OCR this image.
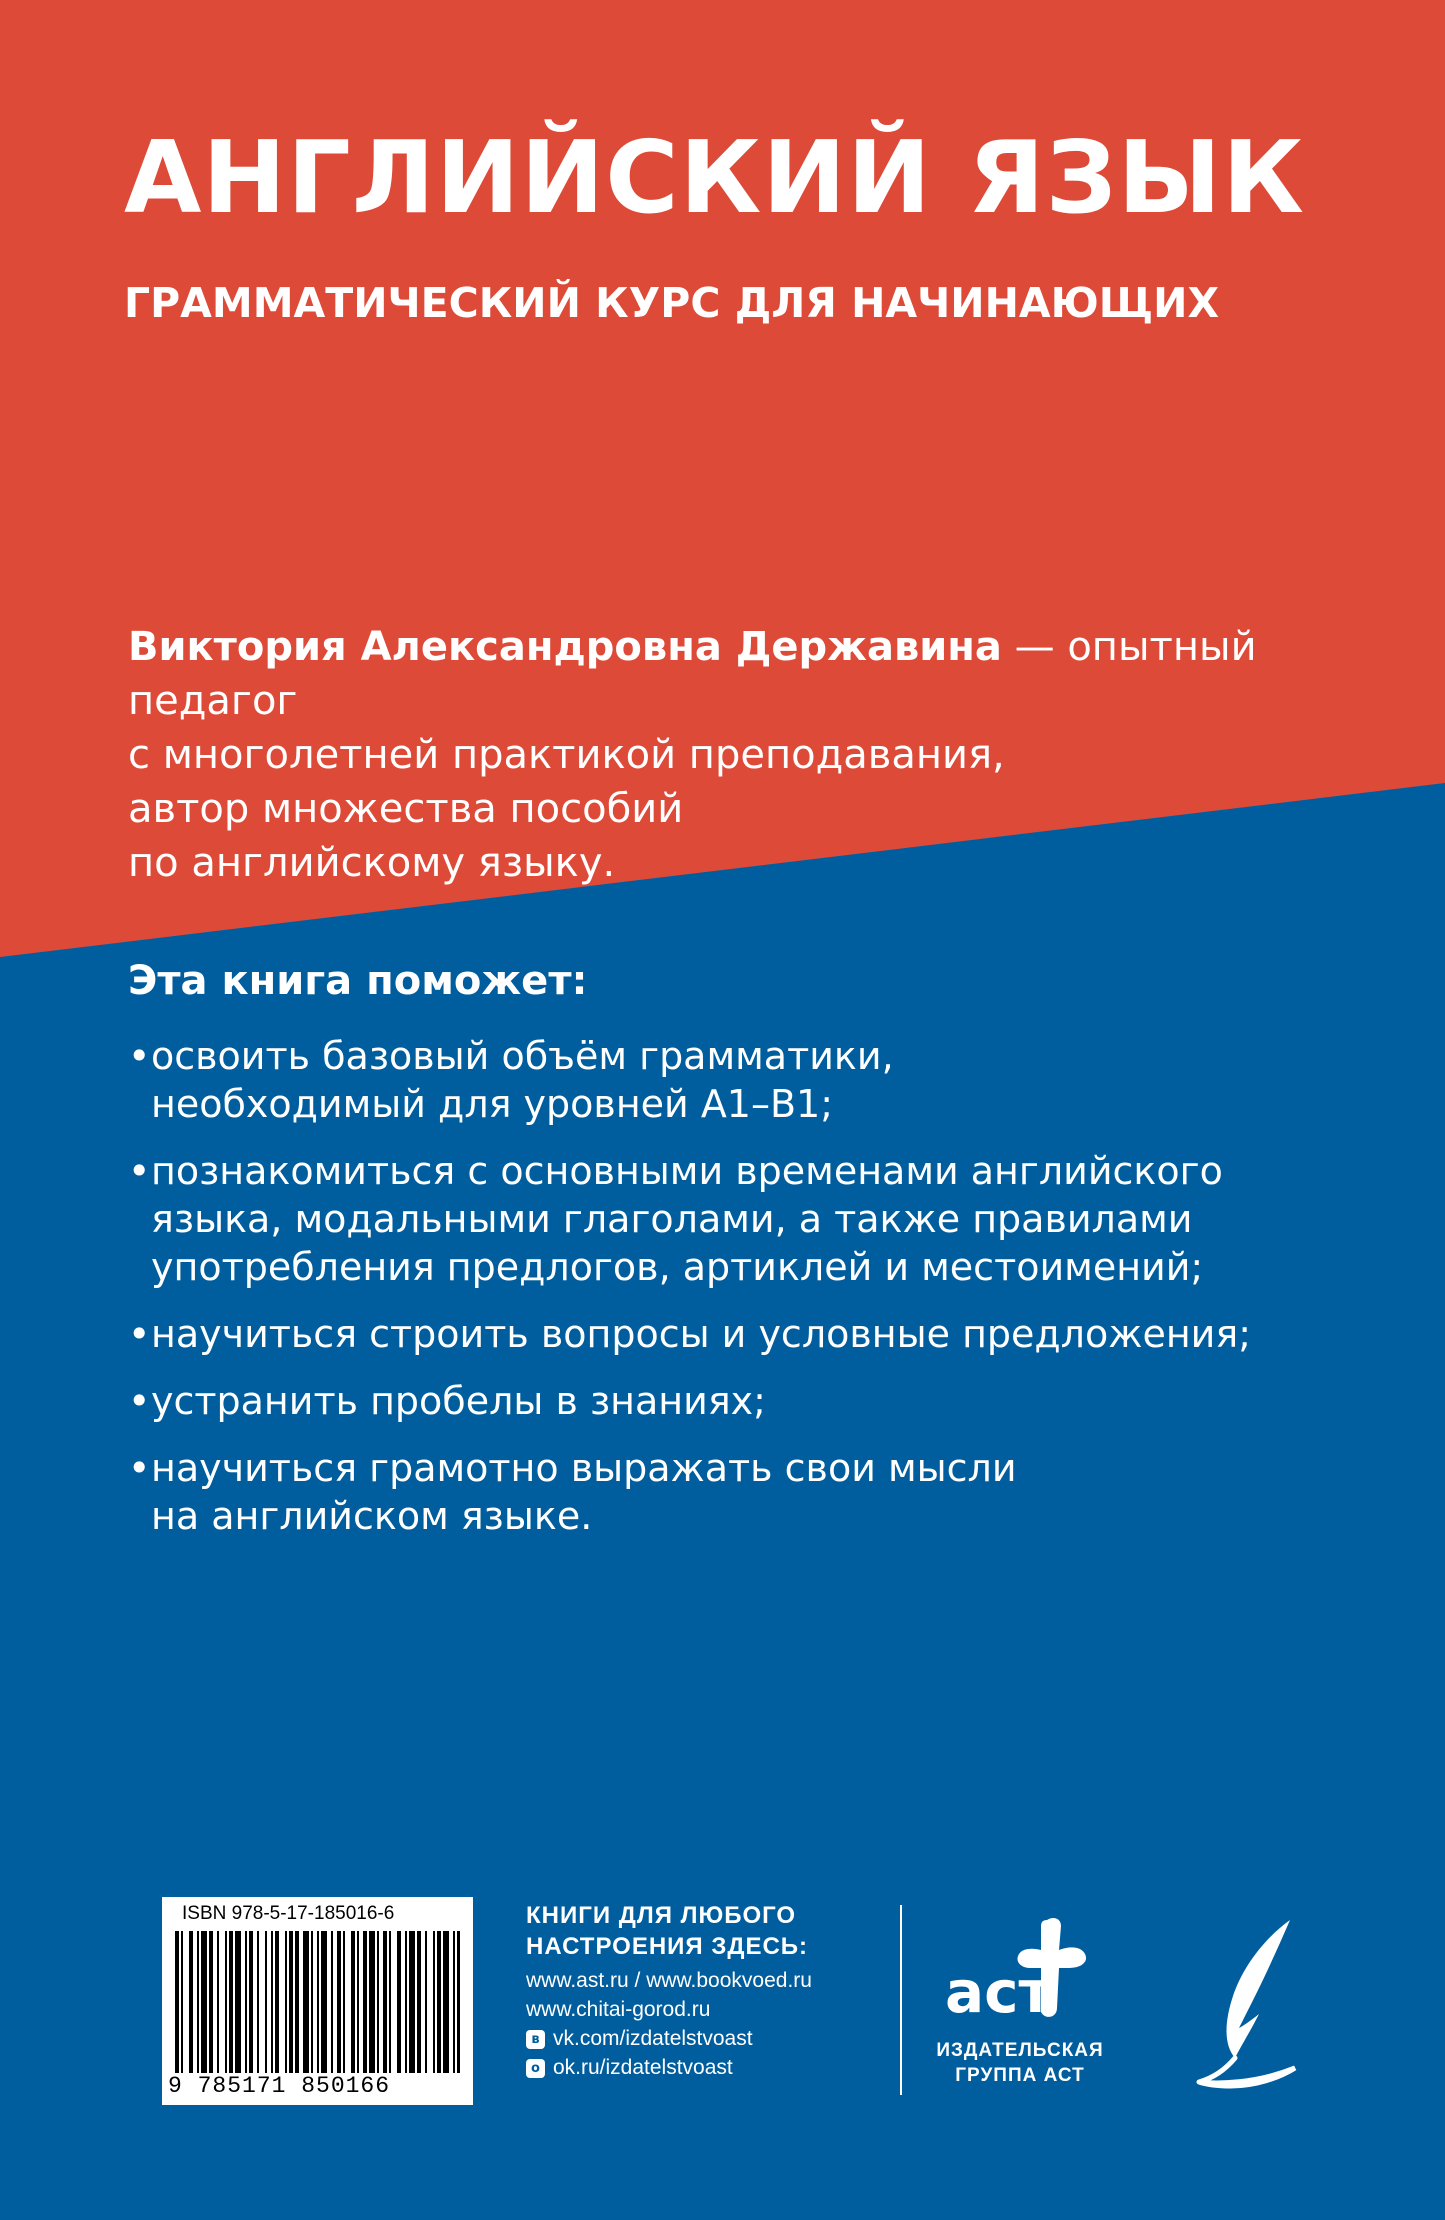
АНГЛИЙСКИЙ ЯЗЫК
ГРАММАТИЧЕСКИЙ КУРС ДЛЯ НАЧИНАЮЩИХ
Виктория Александровна Державина — опытный педагог
с многолетней практикой преподавания,
автор множества пособий
по английскому языку.
Эта книга поможет:
• освоить базовый объём грамматики, необходимый для уровней А1–В1;
• познакомиться с основными временами английского языка, модальными глаголами, а также правилами употребления предлогов, артиклей и местоимений;
• научиться строить вопросы и условные предложения;
• устранить пробелы в знаниях;
• научиться грамотно выражать свои мысли на английском языке.
ISBN 978-5-17-185016-6
9 785171 850166
КНИГИ ДЛЯ ЛЮБОГО
НАСТРОЕНИЯ ЗДЕСЬ:
www.ast.ru / www.bookvoed.ru
www.chitai-gorod.ru
в vk.com/izdatelstvoast
о ok.ru/izdatelstvoast
аст
ИЗДАТЕЛЬСКАЯ
ГРУППА АСТ
